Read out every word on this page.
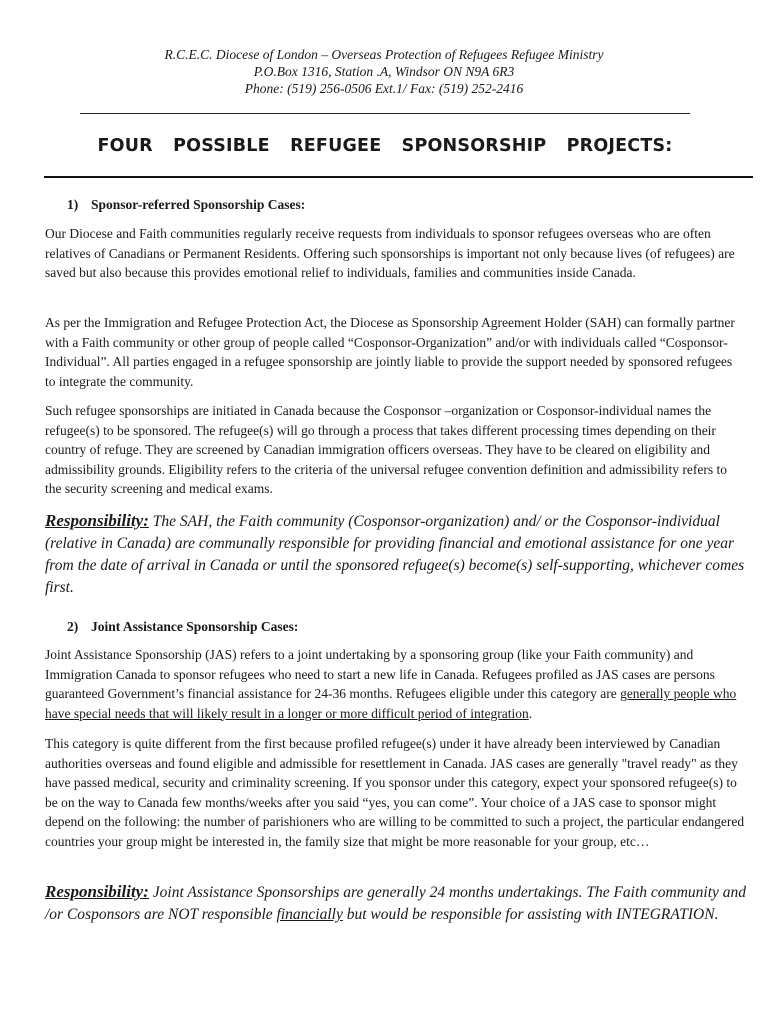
R.C.E.C. Diocese of London – Overseas Protection of Refugees Refugee Ministry
P.O.Box 1316, Station .A, Windsor ON N9A 6R3
Phone: (519) 256-0506 Ext.1/ Fax: (519) 252-2416
FOUR POSSIBLE REFUGEE SPONSORSHIP PROJECTS:
1) Sponsor-referred Sponsorship Cases:
Our Diocese and Faith communities regularly receive requests from individuals to sponsor refugees overseas who are often relatives of Canadians or Permanent Residents. Offering such sponsorships is important not only because lives (of refugees) are saved but also because this provides emotional relief to individuals, families and communities inside Canada.
As per the Immigration and Refugee Protection Act, the Diocese as Sponsorship Agreement Holder (SAH) can formally partner with a Faith community or other group of people called “Cosponsor-Organization” and/or with individuals called “Cosponsor-Individual”. All parties engaged in a refugee sponsorship are jointly liable to provide the support needed by sponsored refugees to integrate the community.
Such refugee sponsorships are initiated in Canada because the Cosponsor –organization or Cosponsor-individual names the refugee(s) to be sponsored. The refugee(s) will go through a process that takes different processing times depending on their country of refuge. They are screened by Canadian immigration officers overseas. They have to be cleared on eligibility and admissibility grounds. Eligibility refers to the criteria of the universal refugee convention definition and admissibility refers to the security screening and medical exams.
Responsibility: The SAH, the Faith community (Cosponsor-organization) and/ or the Cosponsor-individual (relative in Canada) are communally responsible for providing financial and emotional assistance for one year from the date of arrival in Canada or until the sponsored refugee(s) become(s) self-supporting, whichever comes first.
2) Joint Assistance Sponsorship Cases:
Joint Assistance Sponsorship (JAS) refers to a joint undertaking by a sponsoring group (like your Faith community) and Immigration Canada to sponsor refugees who need to start a new life in Canada. Refugees profiled as JAS cases are persons guaranteed Government’s financial assistance for 24-36 months. Refugees eligible under this category are generally people who have special needs that will likely result in a longer or more difficult period of integration.
This category is quite different from the first because profiled refugee(s) under it have already been interviewed by Canadian authorities overseas and found eligible and admissible for resettlement in Canada. JAS cases are generally "travel ready" as they have passed medical, security and criminality screening. If you sponsor under this category, expect your sponsored refugee(s) to be on the way to Canada few months/weeks after you said “yes, you can come”. Your choice of a JAS case to sponsor might depend on the following: the number of parishioners who are willing to be committed to such a project, the particular endangered countries your group might be interested in, the family size that might be more reasonable for your group, etc…
Responsibility: Joint Assistance Sponsorships are generally 24 months undertakings. The Faith community and /or Cosponsors are NOT responsible financially but would be responsible for assisting with INTEGRATION.
